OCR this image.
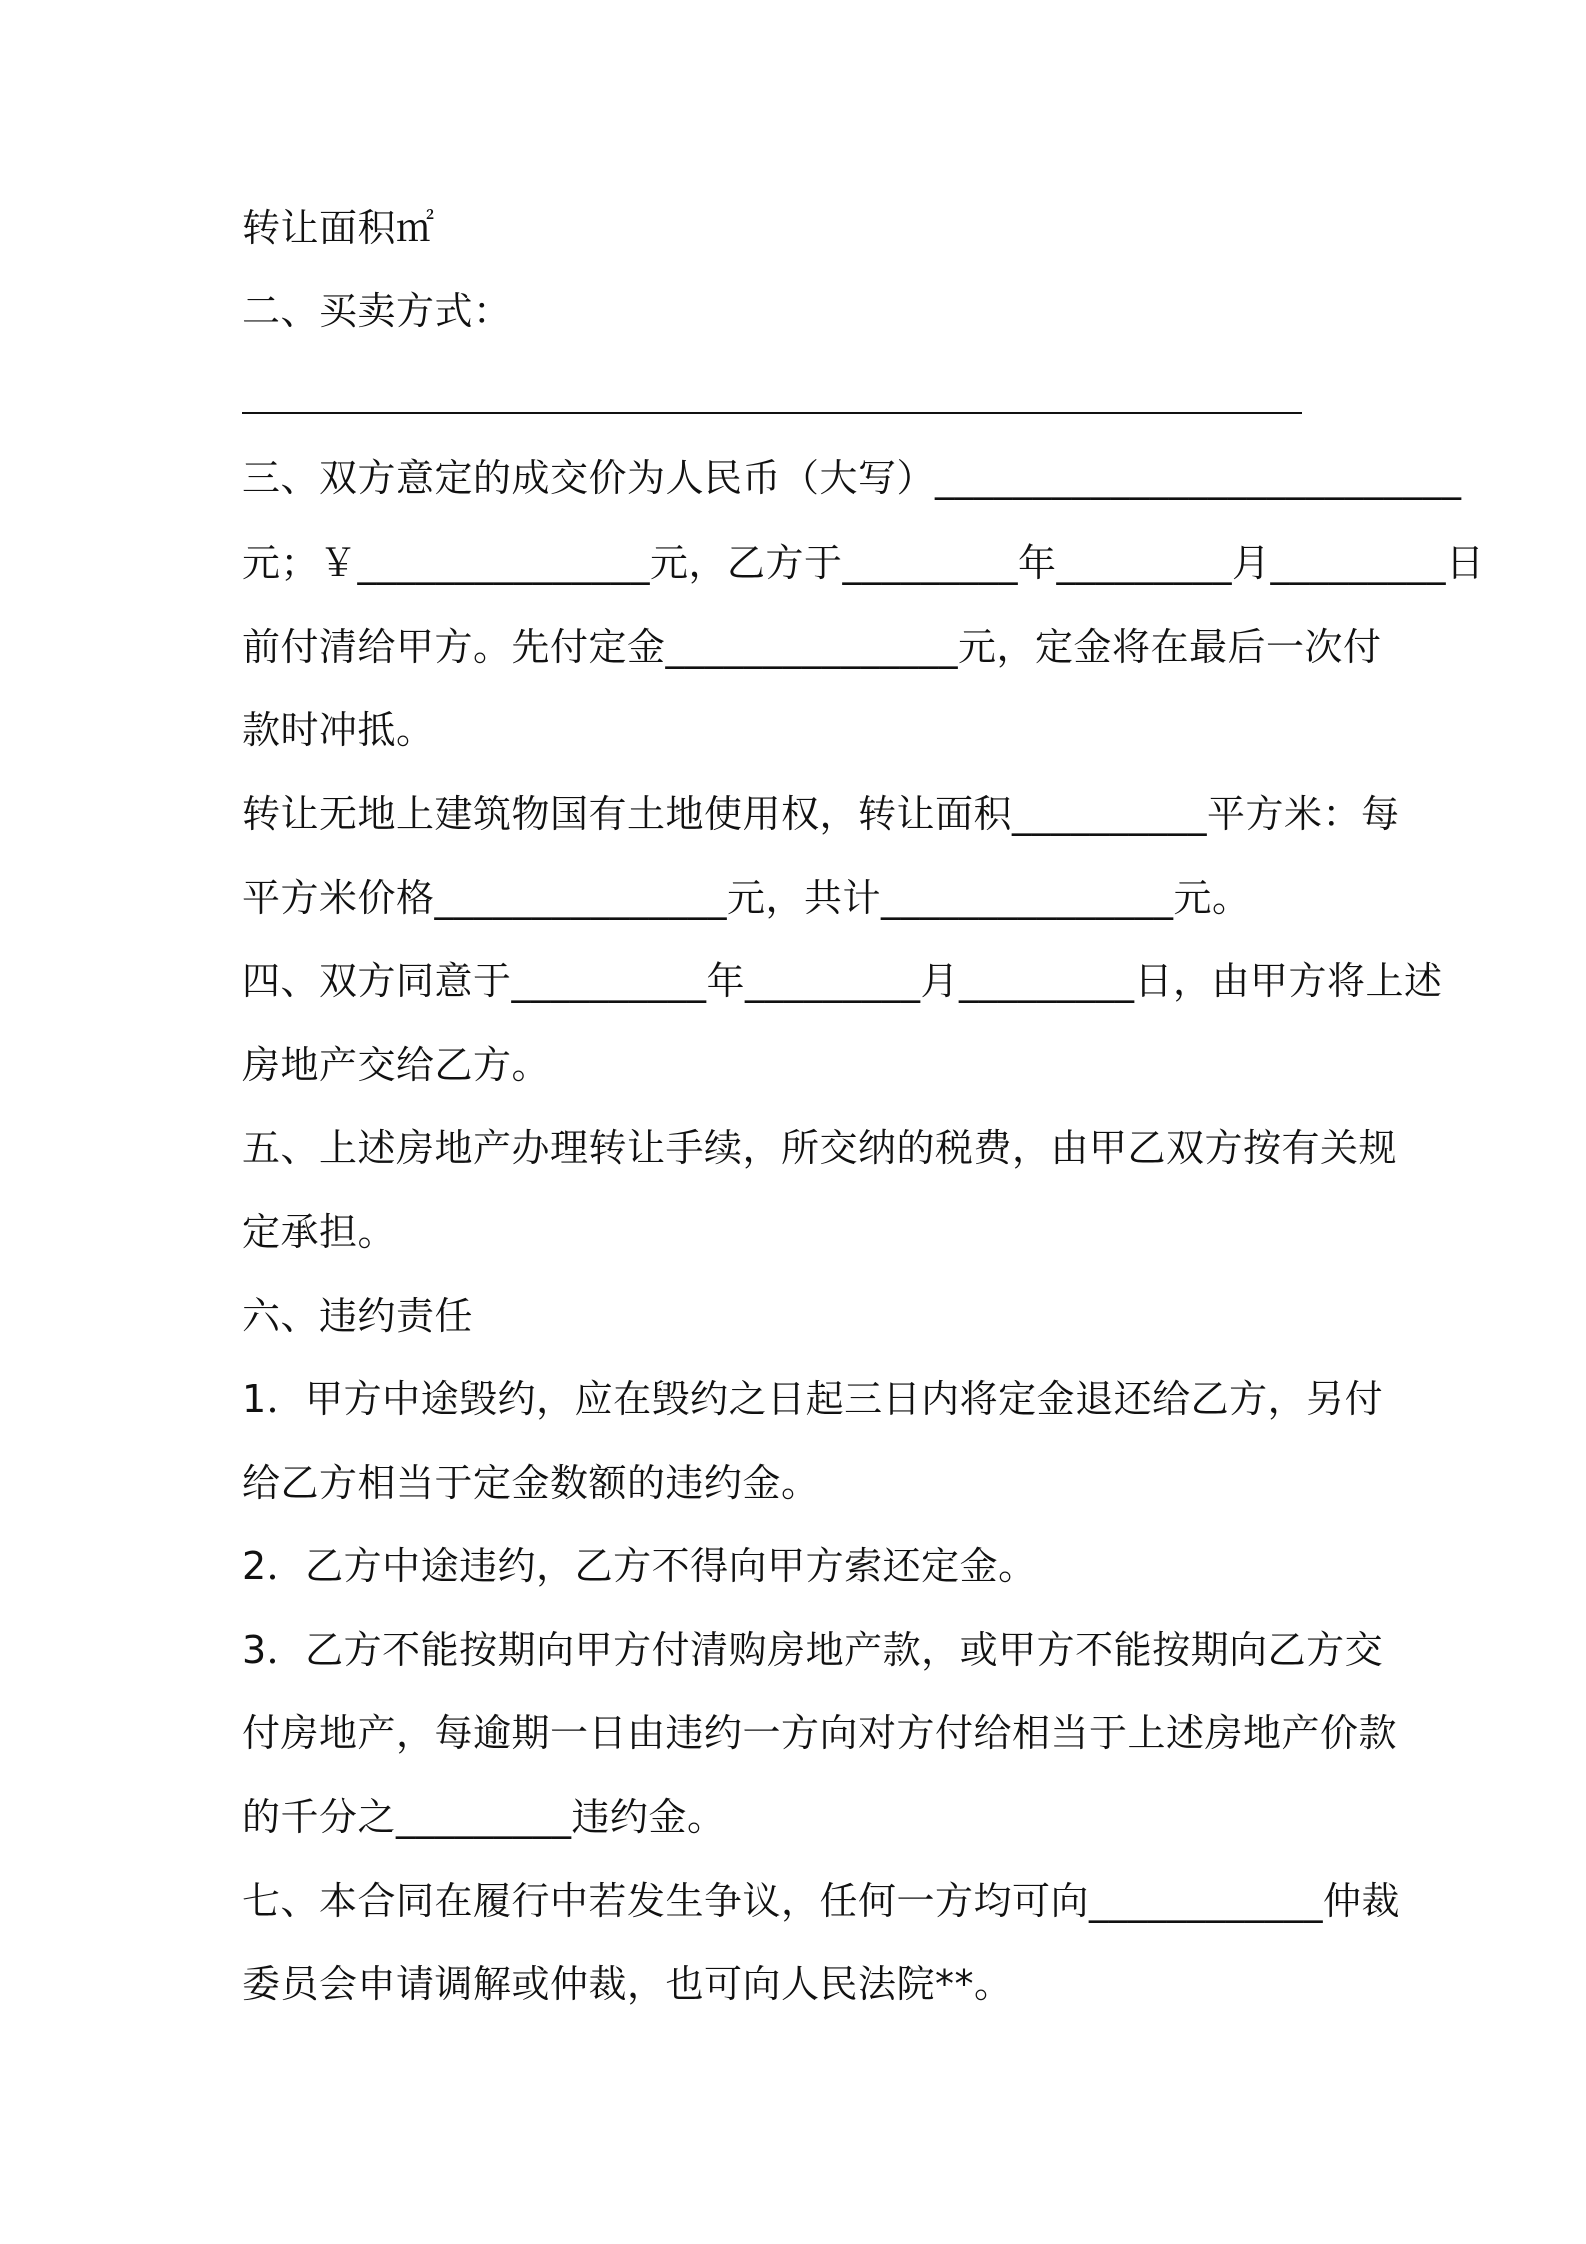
转让面积㎡
二、买卖方式：
三、双方意定的成交价为人民币（大写）___________________________
元；￥_______________元，乙方于_________年_________月_________日
前付清给甲方。先付定金_______________元，定金将在最后一次付
款时冲抵。
转让无地上建筑物国有土地使用权，转让面积__________平方米：每
平方米价格_______________元，共计_______________元。
四、双方同意于__________年_________月_________日，由甲方将上述
房地产交给乙方。
五、上述房地产办理转让手续，所交纳的税费，由甲乙双方按有关规
定承担。
六、违约责任
1．甲方中途毁约，应在毁约之日起三日内将定金退还给乙方，另付
给乙方相当于定金数额的违约金。
2．乙方中途违约，乙方不得向甲方索还定金。
3．乙方不能按期向甲方付清购房地产款，或甲方不能按期向乙方交
付房地产，每逾期一日由违约一方向对方付给相当于上述房地产价款
的千分之_________违约金。
七、本合同在履行中若发生争议，任何一方均可向____________仲裁
委员会申请调解或仲裁，也可向人民法院**。
